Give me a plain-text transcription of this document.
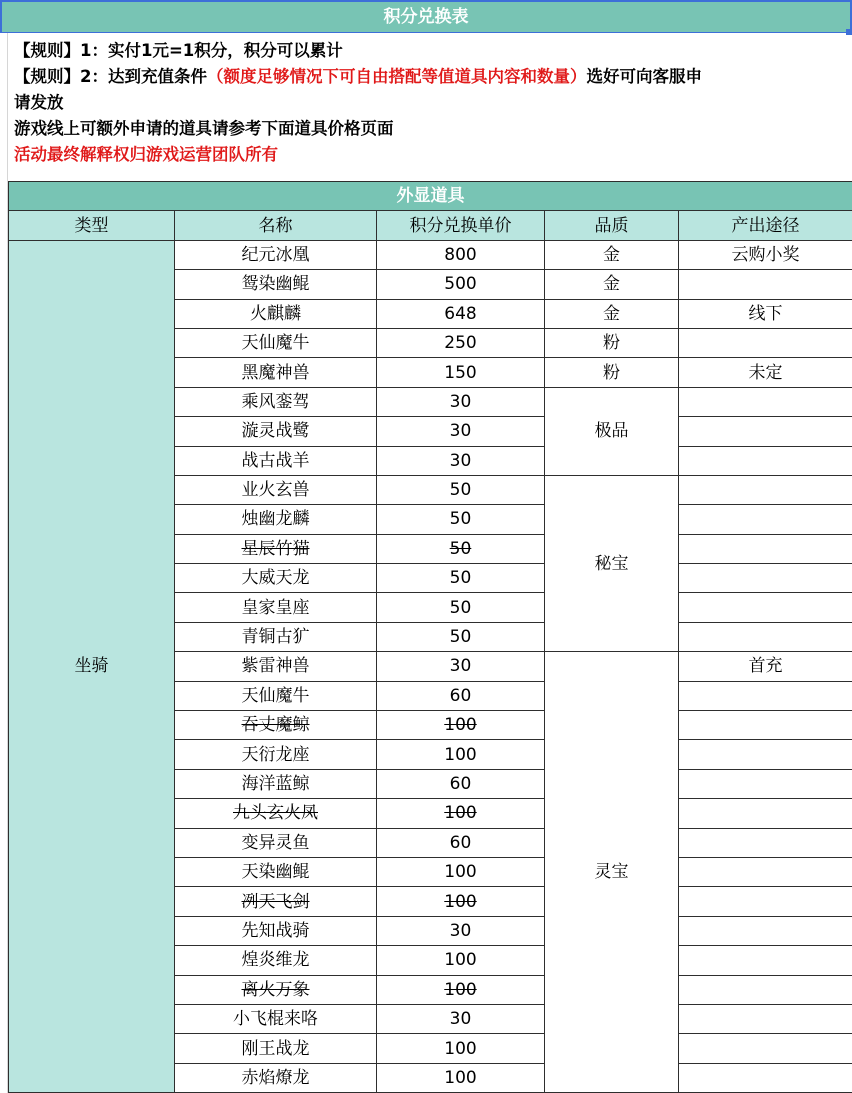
积分兑换表
【规则】1：实付1元=1积分，积分可以累计
【规则】2：达到充值条件（额度足够情况下可自由搭配等值道具内容和数量）选好可向客服申
请发放
游戏线上可额外申请的道具请参考下面道具价格页面
活动最终解释权归游戏运营团队所有
外显道具				
类型	名称	积分兑换单价	品质	产出途径
坐骑	纪元冰凰	800	金	云购小奖
	鸳染幽鲲	500	金	
	火麒麟	648	金	线下
	天仙魔牛	250	粉	
	黑魔神兽	150	粉	未定
	乘风銮驾	30	极品	
	漩灵战鹭	30		
	战古战羊	30		
	业火玄兽	50	秘宝	
	烛幽龙麟	50		
	星辰竹猫	50		
	大威天龙	50		
	皇家皇座	50		
	青铜古犷	50		
	紫雷神兽	30	灵宝	首充
	天仙魔牛	60		
	吞丈魔鲸	100		
	天衍龙座	100		
	海洋蓝鲸	60		
	九头玄火凤	100		
	变异灵鱼	60		
	天染幽鲲	100		
	冽天飞剑	100		
	先知战骑	30		
	煌炎维龙	100		
	离火万象	100		
	小飞棍来咯	30		
	刚王战龙	100		
	赤焰燎龙	100		
